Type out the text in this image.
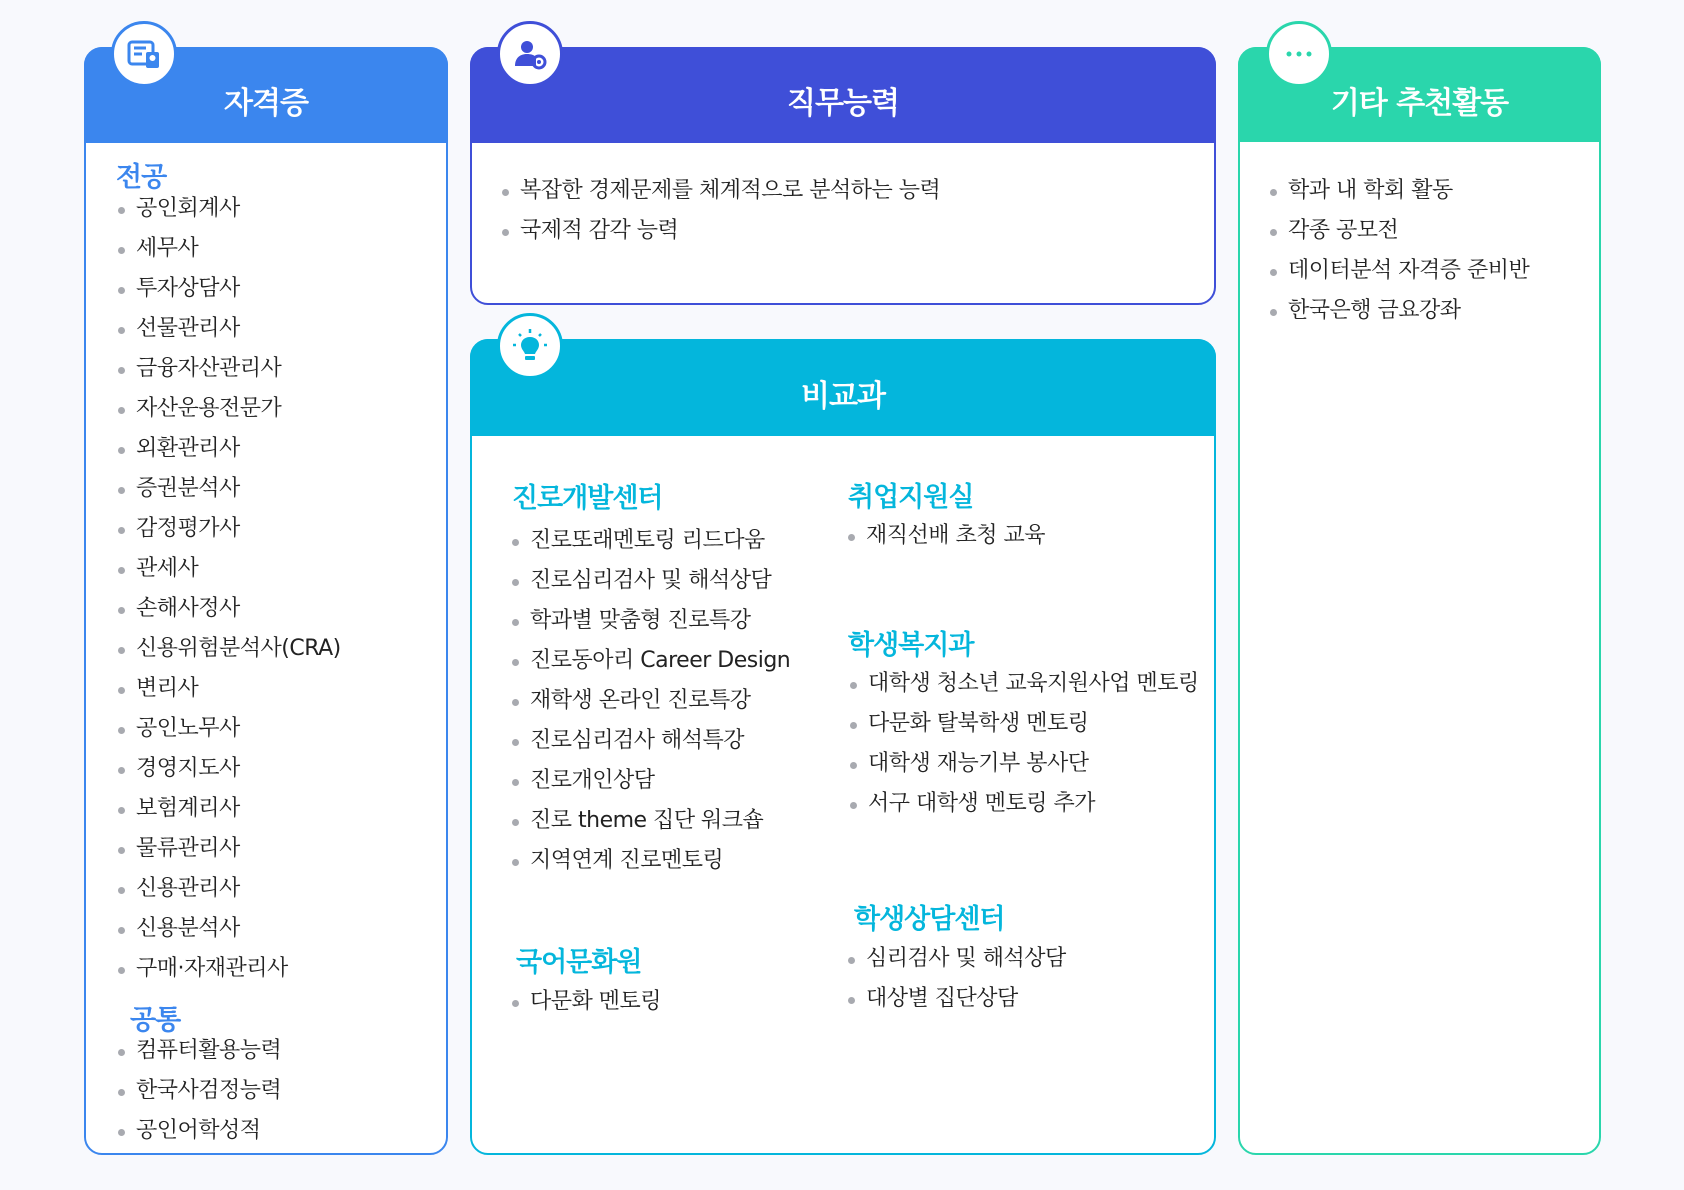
자격증
전공
공인회계사
세무사
투자상담사
선물관리사
금융자산관리사
자산운용전문가
외환관리사
증권분석사
감정평가사
관세사
손해사정사
신용위험분석사(CRA)
변리사
공인노무사
경영지도사
보험계리사
물류관리사
신용관리사
신용분석사
구매·자재관리사
공통
컴퓨터활용능력
한국사검정능력
공인어학성적
직무능력
복잡한 경제문제를 체계적으로 분석하는 능력
국제적 감각 능력
비교과
진로개발센터
진로또래멘토링 리드다움
진로심리검사 및 해석상담
학과별 맞춤형 진로특강
진로동아리 Career Design
재학생 온라인 진로특강
진로심리검사 해석특강
진로개인상담
진로 theme 집단 워크숍
지역연계 진로멘토링
국어문화원
다문화 멘토링
취업지원실
재직선배 초청 교육
학생복지과
대학생 청소년 교육지원사업 멘토링
다문화 탈북학생 멘토링
대학생 재능기부 봉사단
서구 대학생 멘토링 추가
학생상담센터
심리검사 및 해석상담
대상별 집단상담
기타 추천활동
학과 내 학회 활동
각종 공모전
데이터분석 자격증 준비반
한국은행 금요강좌
